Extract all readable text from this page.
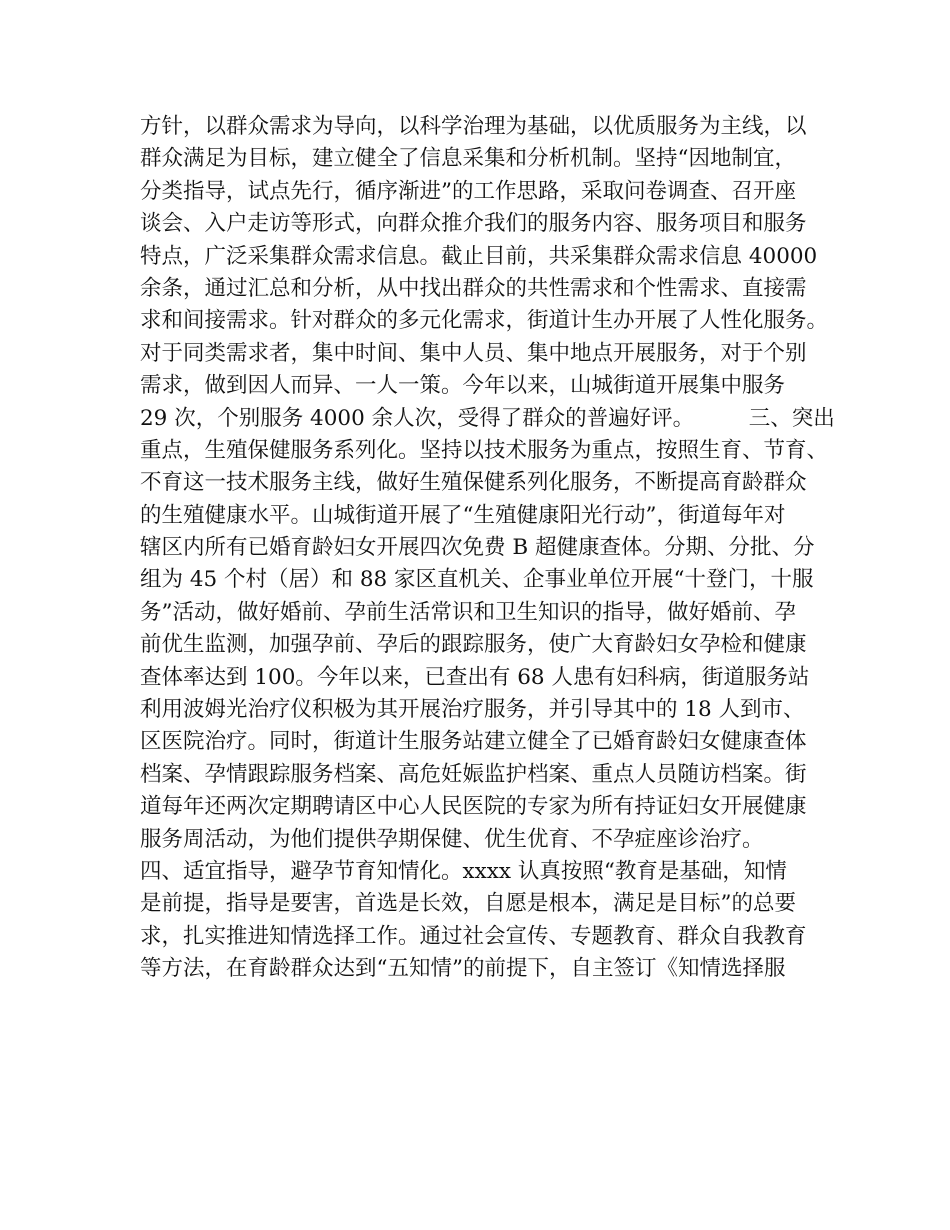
方针，以群众需求为导向，以科学治理为基础，以优质服务为主线，以
群众满足为目标，建立健全了信息采集和分析机制。坚持“因地制宜，
分类指导，试点先行，循序渐进”的工作思路，采取问卷调查、召开座
谈会、入户走访等形式，向群众推介我们的服务内容、服务项目和服务
特点，广泛采集群众需求信息。截止目前，共采集群众需求信息 40000
余条，通过汇总和分析，从中找出群众的共性需求和个性需求、直接需
求和间接需求。针对群众的多元化需求，街道计生办开展了人性化服务。
对于同类需求者，集中时间、集中人员、集中地点开展服务，对于个别
需求，做到因人而异、一人一策。今年以来，山城街道开展集中服务
29 次，个别服务 4000 余人次，受得了群众的普遍好评。        三、突出
重点，生殖保健服务系列化。坚持以技术服务为重点，按照生育、节育、
不育这一技术服务主线，做好生殖保健系列化服务，不断提高育龄群众
的生殖健康水平。山城街道开展了“生殖健康阳光行动”，街道每年对
辖区内所有已婚育龄妇女开展四次免费 B 超健康查体。分期、分批、分
组为 45 个村（居）和 88 家区直机关、企事业单位开展“十登门，十服
务”活动，做好婚前、孕前生活常识和卫生知识的指导，做好婚前、孕
前优生监测，加强孕前、孕后的跟踪服务，使广大育龄妇女孕检和健康
查体率达到 100。今年以来，已查出有 68 人患有妇科病，街道服务站
利用波姆光治疗仪积极为其开展治疗服务，并引导其中的 18 人到市、
区医院治疗。同时，街道计生服务站建立健全了已婚育龄妇女健康查体
档案、孕情跟踪服务档案、高危妊娠监护档案、重点人员随访档案。街
道每年还两次定期聘请区中心人民医院的专家为所有持证妇女开展健康
服务周活动，为他们提供孕期保健、优生优育、不孕症座诊治疗。
四、适宜指导，避孕节育知情化。xxxx 认真按照“教育是基础，知情
是前提，指导是要害，首选是长效，自愿是根本，满足是目标”的总要
求，扎实推进知情选择工作。通过社会宣传、专题教育、群众自我教育
等方法，在育龄群众达到“五知情”的前提下，自主签订《知情选择服
